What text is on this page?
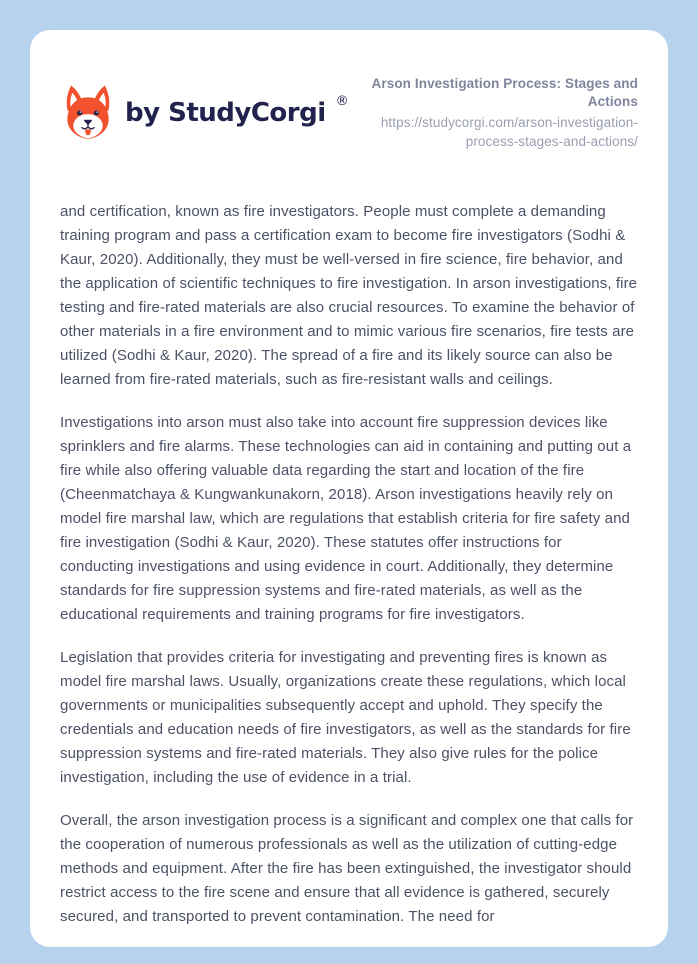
by StudyCorgi ®
Arson Investigation Process: Stages and Actions
https://studycorgi.com/arson-investigation-process-stages-and-actions/

and certification, known as fire investigators. People must complete a demanding training program and pass a certification exam to become fire investigators (Sodhi & Kaur, 2020). Additionally, they must be well-versed in fire science, fire behavior, and the application of scientific techniques to fire investigation. In arson investigations, fire testing and fire-rated materials are also crucial resources. To examine the behavior of other materials in a fire environment and to mimic various fire scenarios, fire tests are utilized (Sodhi & Kaur, 2020). The spread of a fire and its likely source can also be learned from fire-rated materials, such as fire-resistant walls and ceilings.

Investigations into arson must also take into account fire suppression devices like sprinklers and fire alarms. These technologies can aid in containing and putting out a fire while also offering valuable data regarding the start and location of the fire (Cheenmatchaya & Kungwankunakorn, 2018). Arson investigations heavily rely on model fire marshal law, which are regulations that establish criteria for fire safety and fire investigation (Sodhi & Kaur, 2020). These statutes offer instructions for conducting investigations and using evidence in court. Additionally, they determine standards for fire suppression systems and fire-rated materials, as well as the educational requirements and training programs for fire investigators.

Legislation that provides criteria for investigating and preventing fires is known as model fire marshal laws. Usually, organizations create these regulations, which local governments or municipalities subsequently accept and uphold. They specify the credentials and education needs of fire investigators, as well as the standards for fire suppression systems and fire-rated materials. They also give rules for the police investigation, including the use of evidence in a trial.

Overall, the arson investigation process is a significant and complex one that calls for the cooperation of numerous professionals as well as the utilization of cutting-edge methods and equipment. After the fire has been extinguished, the investigator should restrict access to the fire scene and ensure that all evidence is gathered, securely secured, and transported to prevent contamination. The need for
